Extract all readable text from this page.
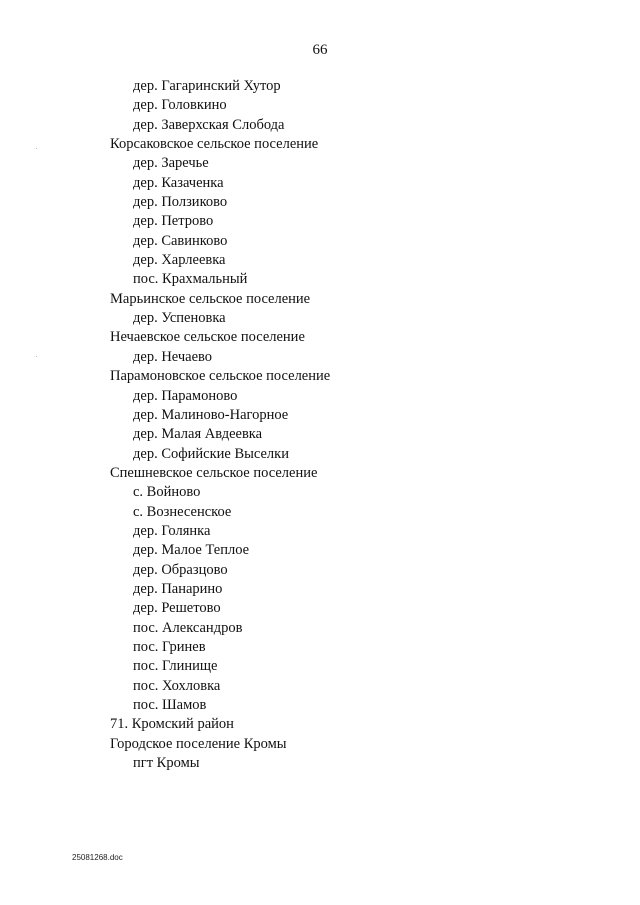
66
дер. Гагаринский Хутор
дер. Головкино
дер. Заверхская Слобода
Корсаковское сельское поселение
дер. Заречье
дер. Казаченка
дер. Ползиково
дер. Петрово
дер. Савинково
дер. Харлеевка
пос. Крахмальный
Марьинское сельское поселение
дер. Успеновка
Нечаевское сельское поселение
дер. Нечаево
Парамоновское сельское поселение
дер. Парамоново
дер. Малиново-Нагорное
дер. Малая Авдеевка
дер. Софийские Выселки
Спешневское сельское поселение
с. Войново
с. Вознесенское
дер. Голянка
дер. Малое Теплое
дер. Образцово
дер. Панарино
дер. Решетово
пос. Александров
пос. Гринев
пос. Глинище
пос. Хохловка
пос. Шамов
71. Кромский район
Городское поселение Кромы
пгт Кромы
25081268.doc
